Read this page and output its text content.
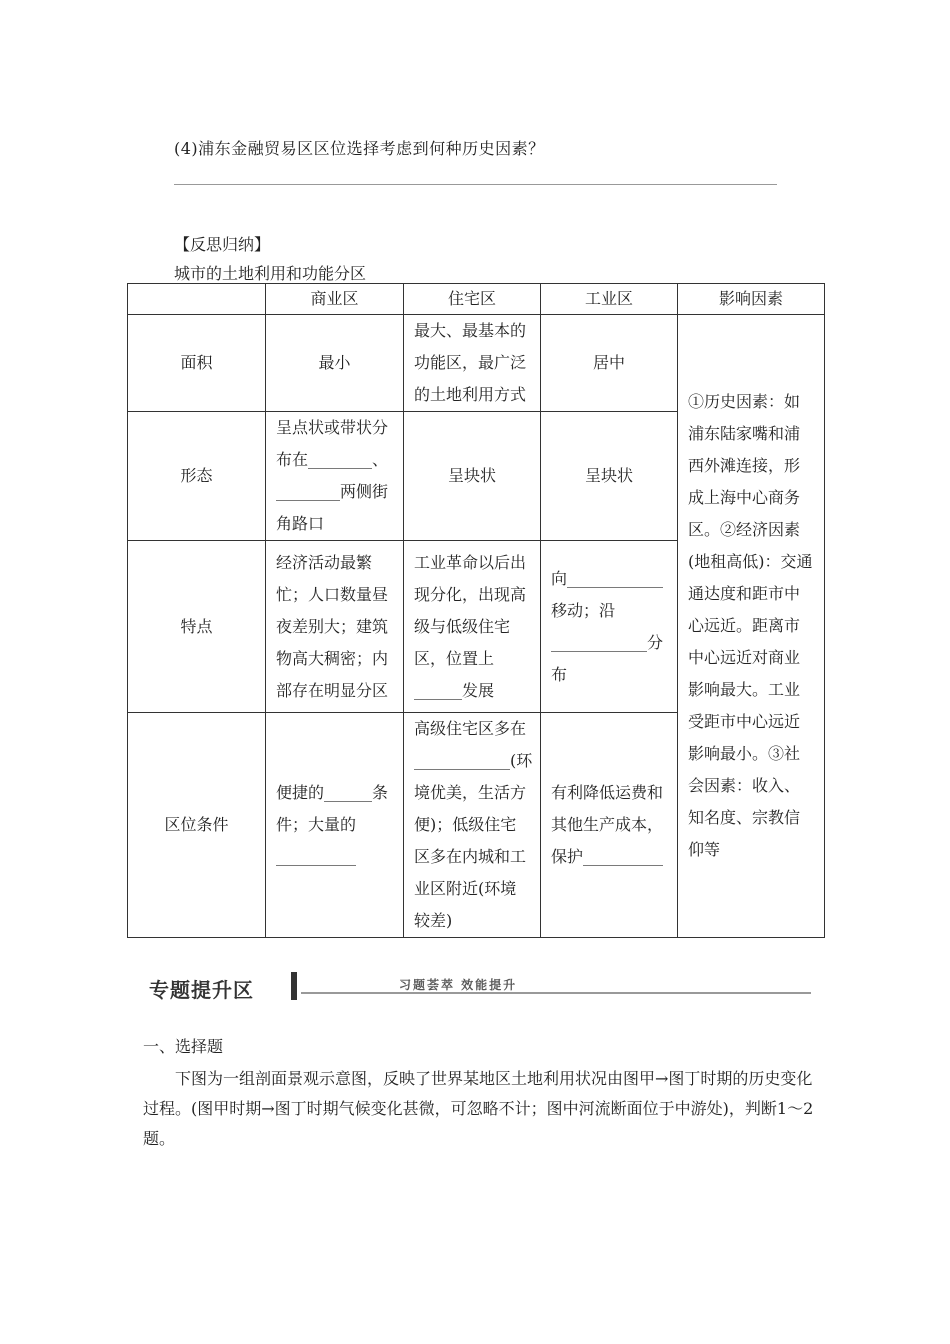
(4)浦东金融贸易区区位选择考虑到何种历史因素？
【反思归纳】
城市的土地利用和功能分区
	商业区	住宅区	工业区	影响因素
面积	最小	最大、最基本的功能区，最广泛的土地利用方式	居中	①历史因素：如浦东陆家嘴和浦西外滩连接，形成上海中心商务区。②经济因素(地租高低)：交通通达度和距市中心远近。距离市中心远近对商业影响最大。工业受距市中心远近影响最小。③社会因素：收入、知名度、宗教信仰等
形态	呈点状或带状分布在________、________两侧街角路口	呈块状	呈块状	
特点	经济活动最繁忙；人口数量昼夜差别大；建筑物高大稠密；内部存在明显分区	工业革命以后出现分化，出现高级与低级住宅区，位置上______发展	向____________移动；沿____________分布	
区位条件	便捷的______条件；大量的__________	高级住宅区多在____________(环境优美，生活方便)；低级住宅区多在内城和工业区附近(环境较差)	有利降低运费和其他生产成本，保护__________	
专题提升区	习题荟萃 效能提升
一、选择题
下图为一组剖面景观示意图，反映了世界某地区土地利用状况由图甲→图丁时期的历史变化过程。(图甲时期→图丁时期气候变化甚微，可忽略不计；图中河流断面位于中游处)，判断1～2题。
